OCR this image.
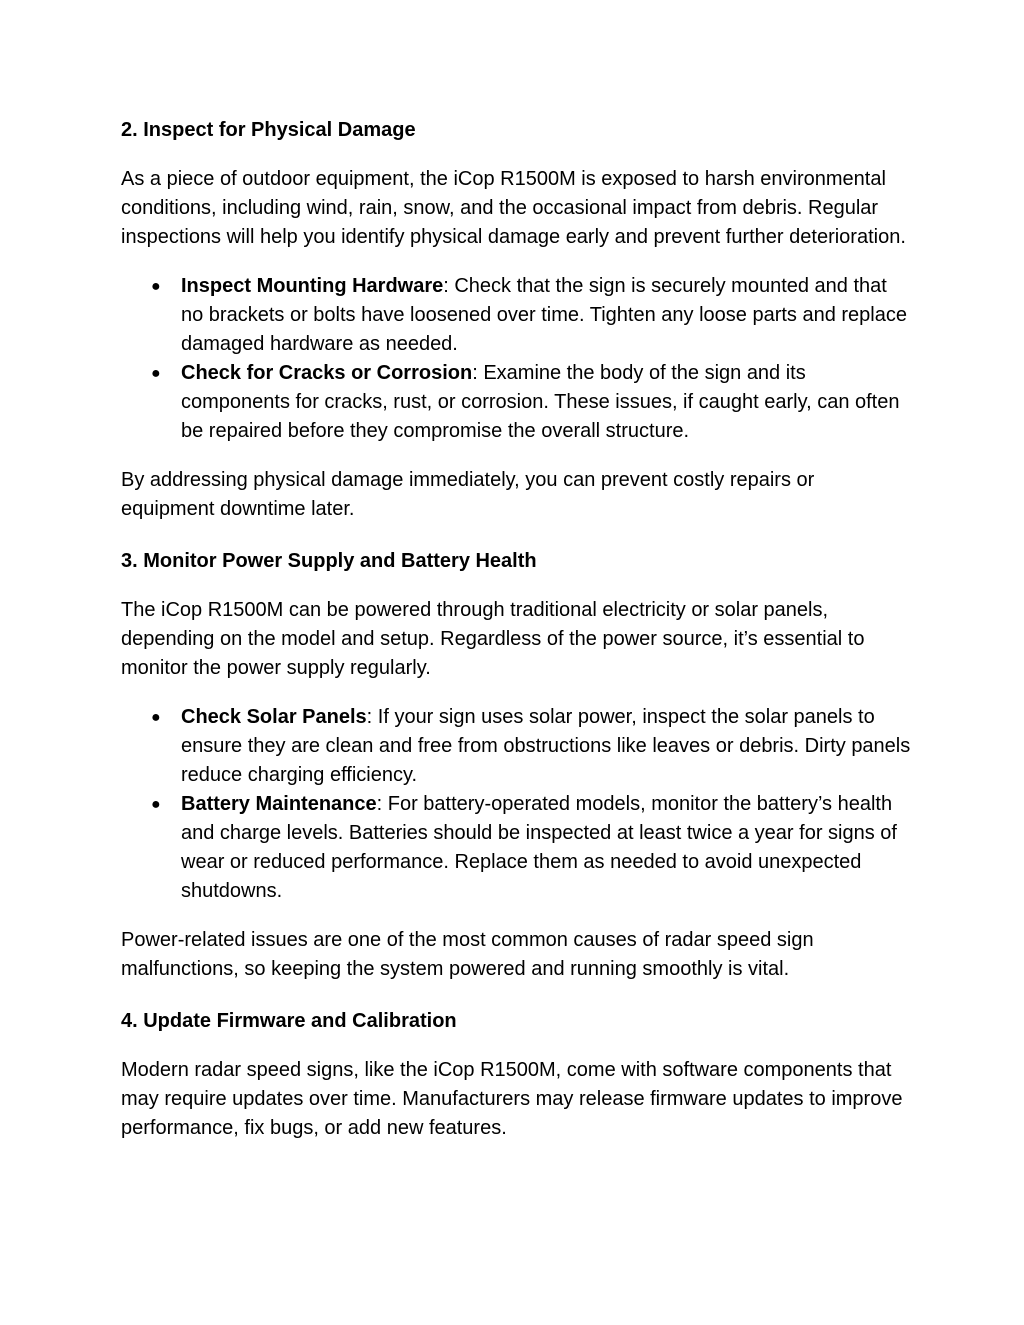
2. Inspect for Physical Damage

As a piece of outdoor equipment, the iCop R1500M is exposed to harsh environmental conditions, including wind, rain, snow, and the occasional impact from debris. Regular inspections will help you identify physical damage early and prevent further deterioration.

●	Inspect Mounting Hardware: Check that the sign is securely mounted and that no brackets or bolts have loosened over time. Tighten any loose parts and replace damaged hardware as needed.
●	Check for Cracks or Corrosion: Examine the body of the sign and its components for cracks, rust, or corrosion. These issues, if caught early, can often be repaired before they compromise the overall structure.

By addressing physical damage immediately, you can prevent costly repairs or equipment downtime later.

3. Monitor Power Supply and Battery Health

The iCop R1500M can be powered through traditional electricity or solar panels, depending on the model and setup. Regardless of the power source, it’s essential to monitor the power supply regularly.

●	Check Solar Panels: If your sign uses solar power, inspect the solar panels to ensure they are clean and free from obstructions like leaves or debris. Dirty panels reduce charging efficiency.
●	Battery Maintenance: For battery-operated models, monitor the battery’s health and charge levels. Batteries should be inspected at least twice a year for signs of wear or reduced performance. Replace them as needed to avoid unexpected shutdowns.

Power-related issues are one of the most common causes of radar speed sign malfunctions, so keeping the system powered and running smoothly is vital.

4. Update Firmware and Calibration

Modern radar speed signs, like the iCop R1500M, come with software components that may require updates over time. Manufacturers may release firmware updates to improve performance, fix bugs, or add new features.
